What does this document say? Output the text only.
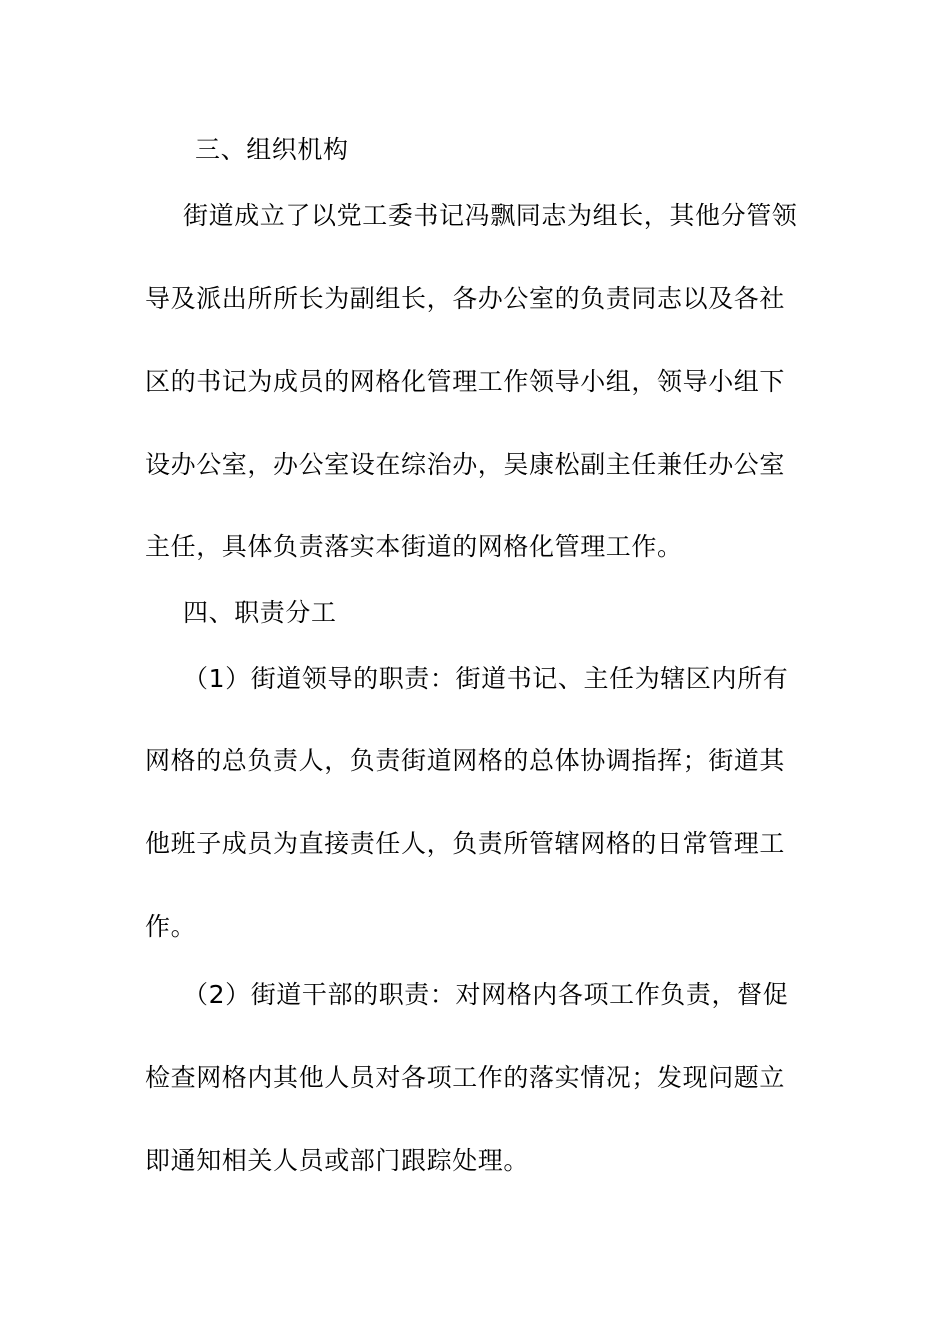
三、组织机构
街道成立了以党工委书记冯飘同志为组长，其他分管领
导及派出所所长为副组长，各办公室的负责同志以及各社
区的书记为成员的网格化管理工作领导小组，领导小组下
设办公室，办公室设在综治办，吴康松副主任兼任办公室
主任，具体负责落实本街道的网格化管理工作。
四、职责分工
（1）街道领导的职责：街道书记、主任为辖区内所有
网格的总负责人，负责街道网格的总体协调指挥；街道其
他班子成员为直接责任人，负责所管辖网格的日常管理工
作。
（2）街道干部的职责：对网格内各项工作负责，督促
检查网格内其他人员对各项工作的落实情况；发现问题立
即通知相关人员或部门跟踪处理。
